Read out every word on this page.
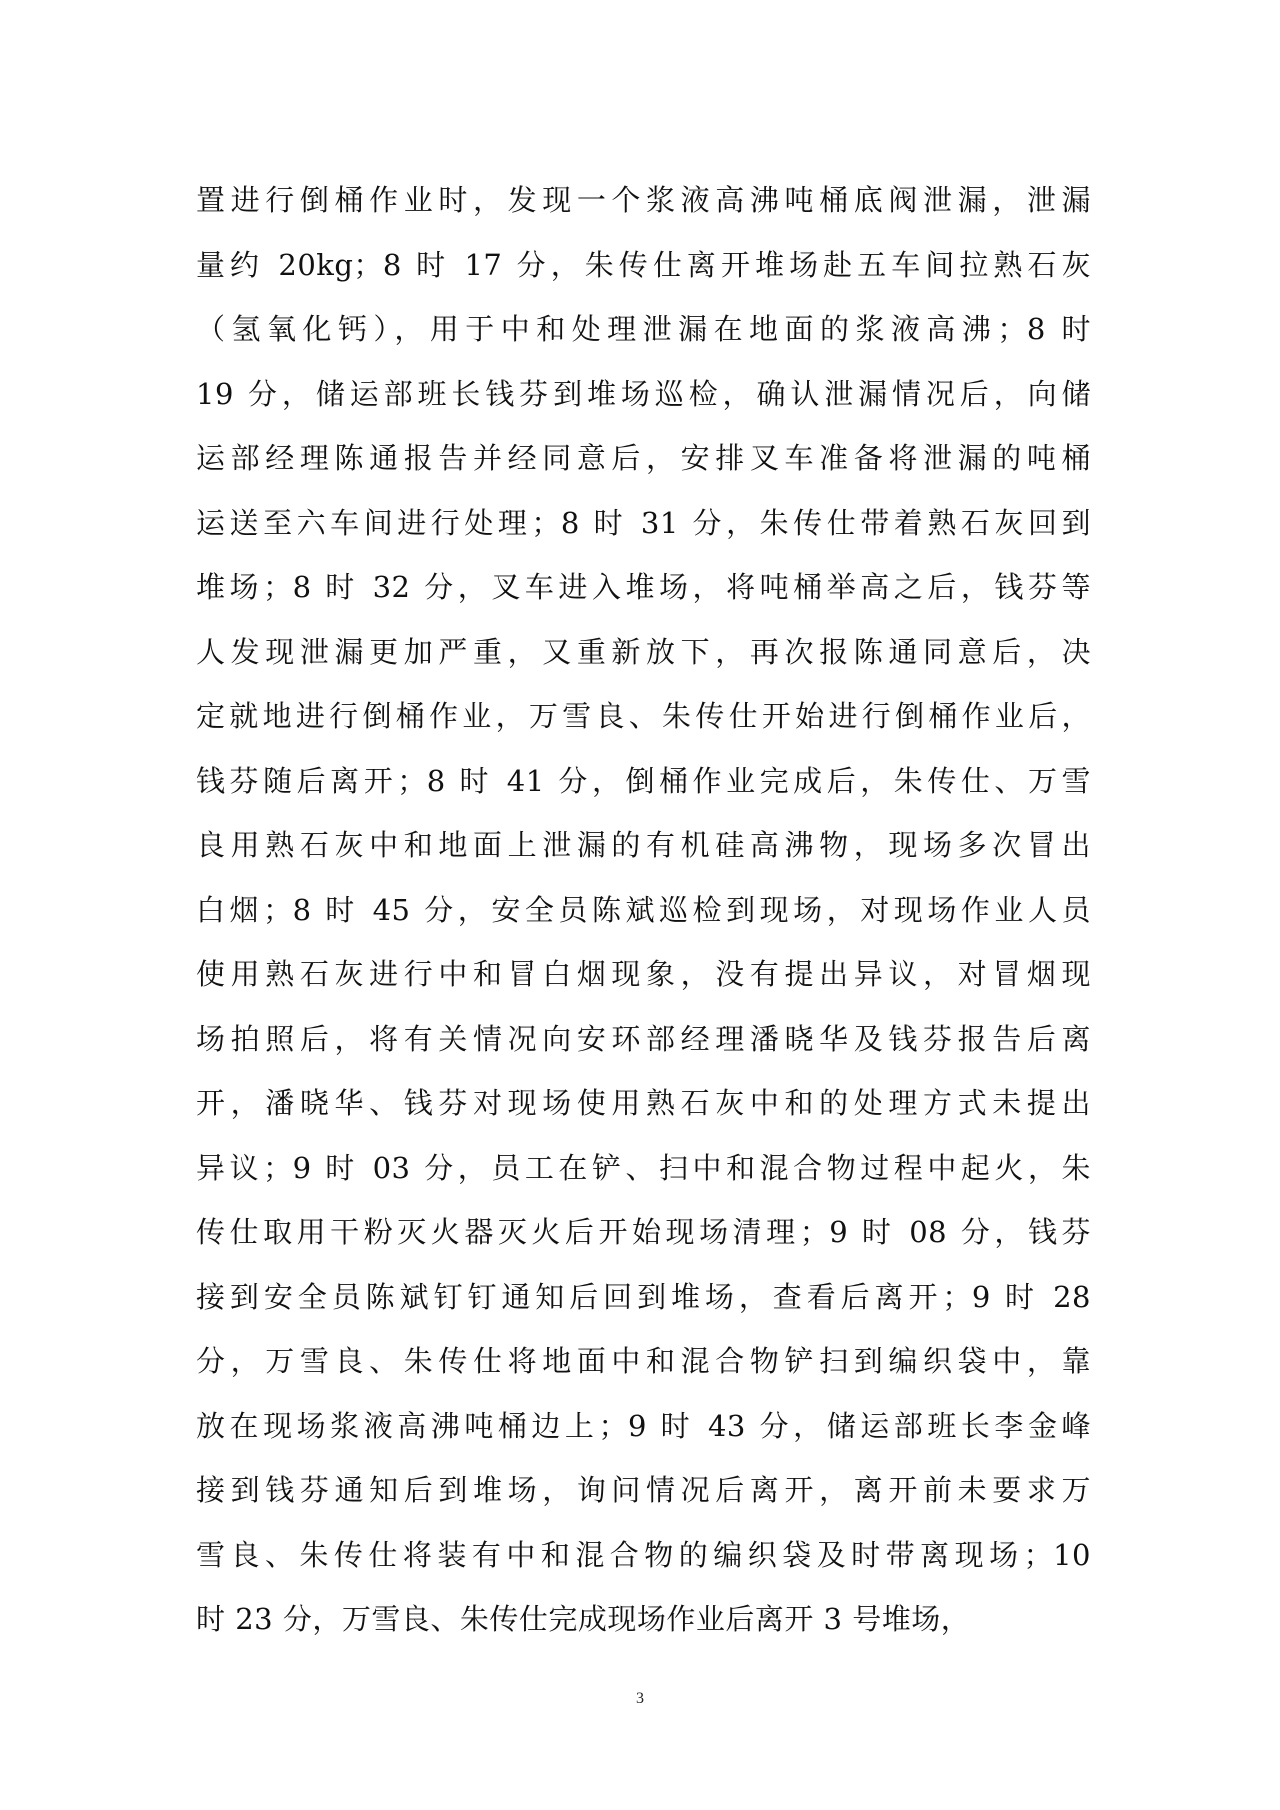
置进行倒桶作业时，发现一个浆液高沸吨桶底阀泄漏，泄漏
量约 20kg；8 时 17 分，朱传仕离开堆场赴五车间拉熟石灰
（氢氧化钙），用于中和处理泄漏在地面的浆液高沸；8 时
19 分，储运部班长钱芬到堆场巡检，确认泄漏情况后，向储
运部经理陈通报告并经同意后，安排叉车准备将泄漏的吨桶
运送至六车间进行处理；8 时 31 分，朱传仕带着熟石灰回到
堆场；8 时 32 分，叉车进入堆场，将吨桶举高之后，钱芬等
人发现泄漏更加严重，又重新放下，再次报陈通同意后，决
定就地进行倒桶作业，万雪良、朱传仕开始进行倒桶作业后，
钱芬随后离开；8 时 41 分，倒桶作业完成后，朱传仕、万雪
良用熟石灰中和地面上泄漏的有机硅高沸物，现场多次冒出
白烟；8 时 45 分，安全员陈斌巡检到现场，对现场作业人员
使用熟石灰进行中和冒白烟现象，没有提出异议，对冒烟现
场拍照后，将有关情况向安环部经理潘晓华及钱芬报告后离
开，潘晓华、钱芬对现场使用熟石灰中和的处理方式未提出
异议；9 时 03 分，员工在铲、扫中和混合物过程中起火，朱
传仕取用干粉灭火器灭火后开始现场清理；9 时 08 分，钱芬
接到安全员陈斌钉钉通知后回到堆场，查看后离开；9 时 28
分，万雪良、朱传仕将地面中和混合物铲扫到编织袋中，靠
放在现场浆液高沸吨桶边上；9 时 43 分，储运部班长李金峰
接到钱芬通知后到堆场，询问情况后离开，离开前未要求万
雪良、朱传仕将装有中和混合物的编织袋及时带离现场；10
时 23 分，万雪良、朱传仕完成现场作业后离开 3 号堆场，
3
